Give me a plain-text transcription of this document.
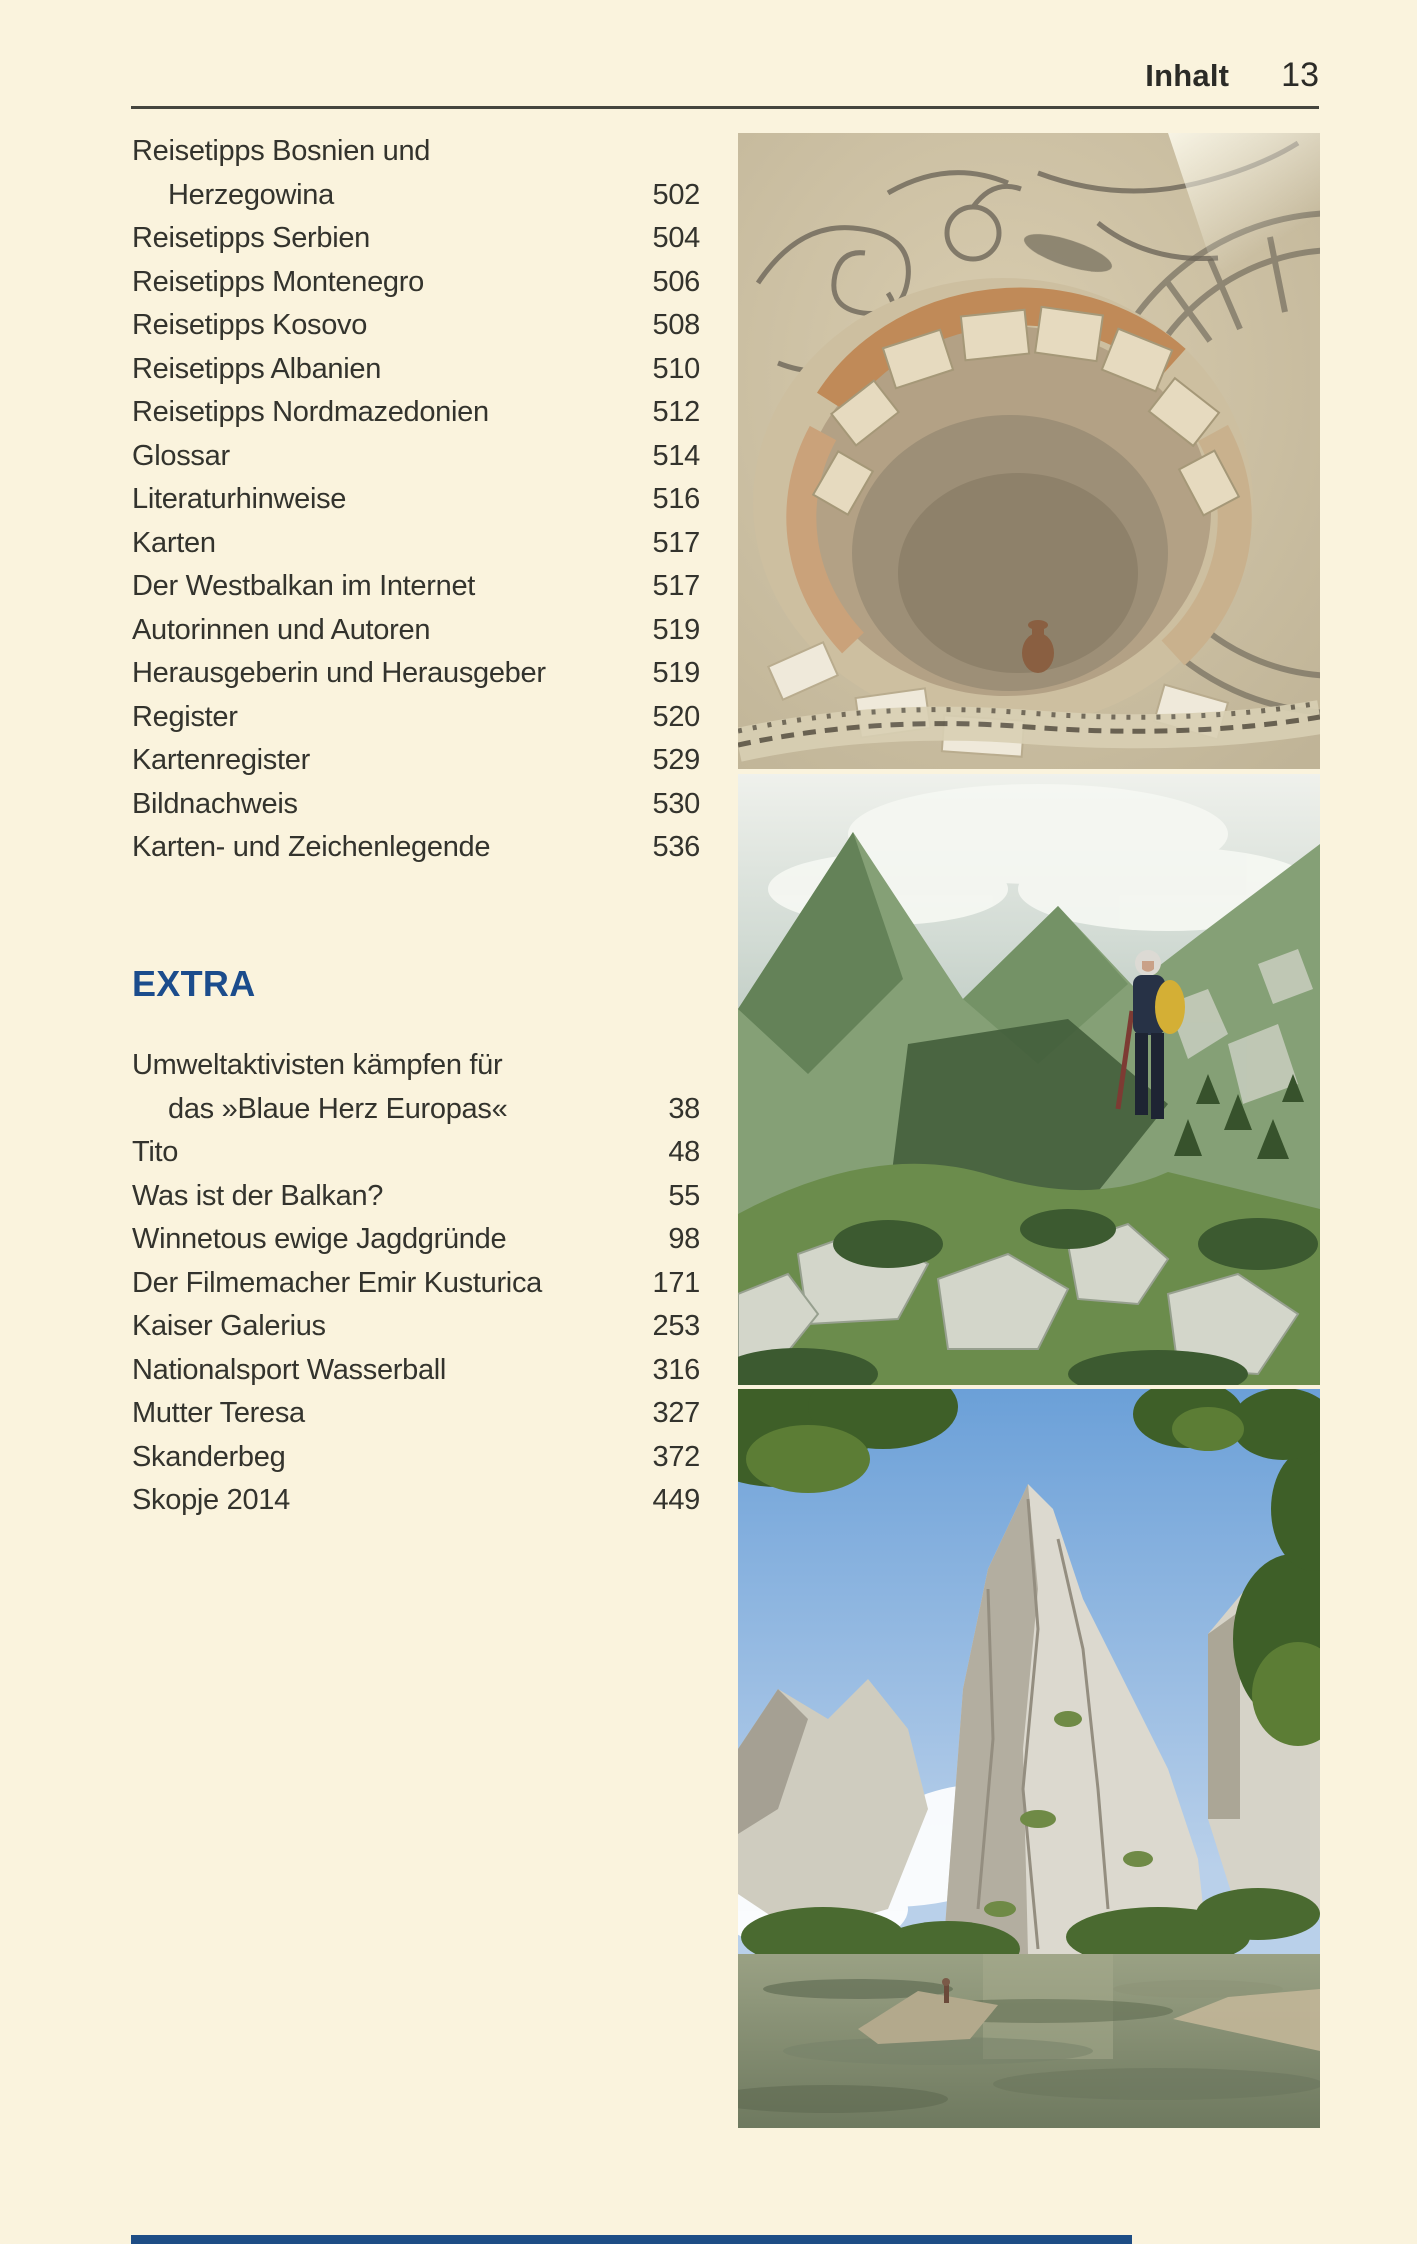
Inhalt 13
Reisetipps Bosnien und
Herzegowina	502
Reisetipps Serbien	504
Reisetipps Montenegro	506
Reisetipps Kosovo	508
Reisetipps Albanien	510
Reisetipps Nordmazedonien	512
Glossar	514
Literaturhinweise	516
Karten	517
Der Westbalkan im Internet	517
Autorinnen und Autoren	519
Herausgeberin und Herausgeber	519
Register	520
Kartenregister	529
Bildnachweis	530
Karten- und Zeichenlegende	536
EXTRA
Umweltaktivisten kämpfen für
das »Blaue Herz Europas«	38
Tito	48
Was ist der Balkan?	55
Winnetous ewige Jagdgründe	98
Der Filmemacher Emir Kusturica	171
Kaiser Galerius	253
Nationalsport Wasserball	316
Mutter Teresa	327
Skanderbeg	372
Skopje 2014	449
